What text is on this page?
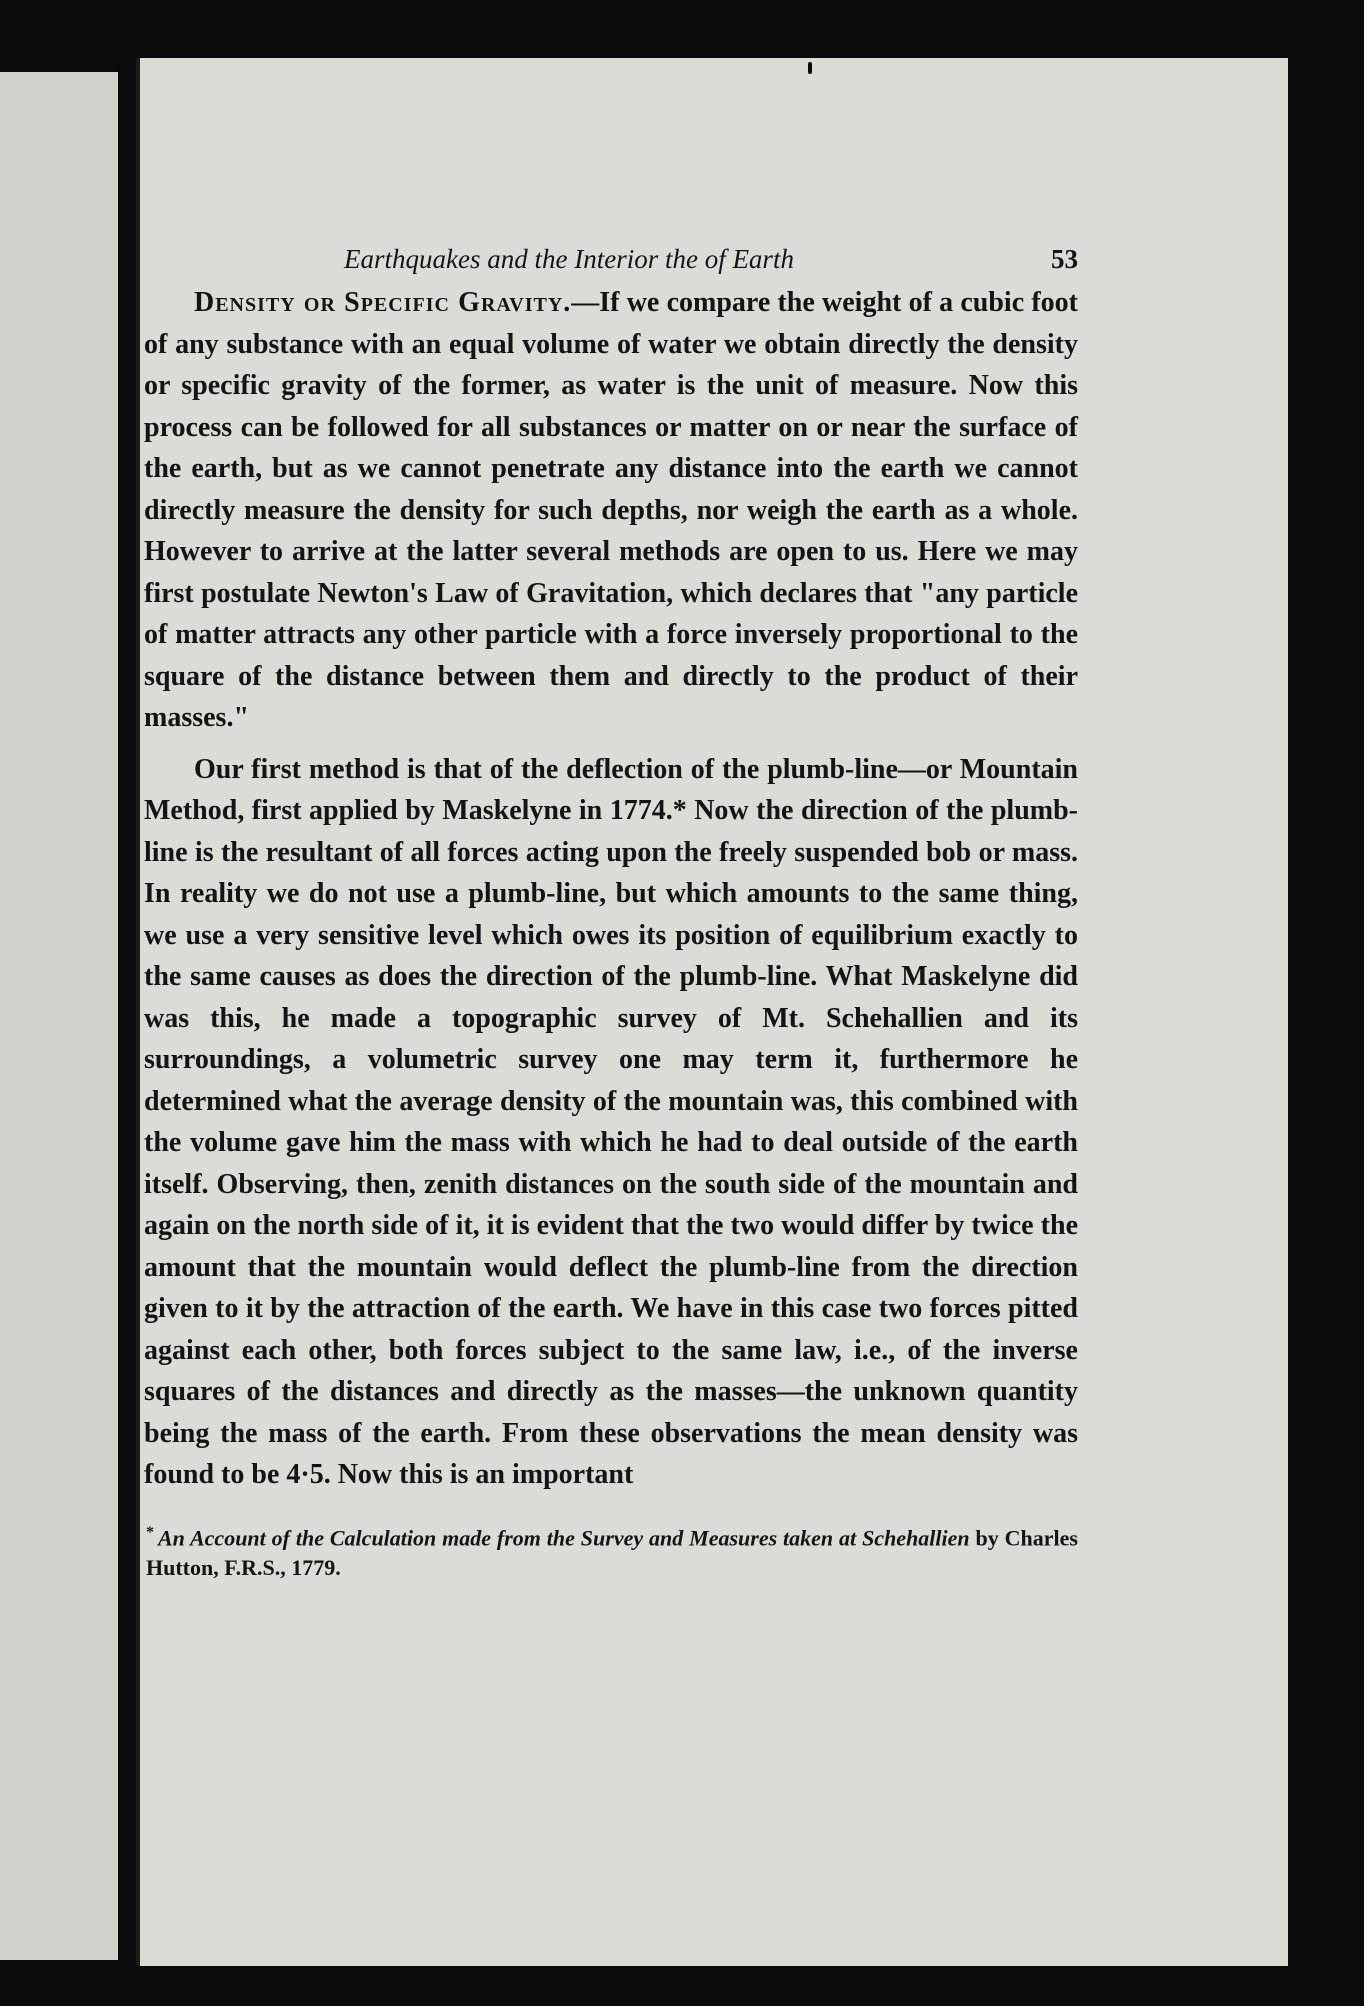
Earthquakes and the Interior the of Earth	53

Density or Specific Gravity.—If we compare the weight of a cubic foot of any substance with an equal volume of water we obtain directly the density or specific gravity of the former, as water is the unit of measure. Now this process can be followed for all substances or matter on or near the surface of the earth, but as we cannot penetrate any distance into the earth we cannot directly measure the density for such depths, nor weigh the earth as a whole. However to arrive at the latter several methods are open to us. Here we may first postulate Newton's Law of Gravitation, which declares that "any particle of matter attracts any other particle with a force inversely proportional to the square of the distance between them and directly to the product of their masses."

Our first method is that of the deflection of the plumb-line—or Mountain Method, first applied by Maskelyne in 1774.* Now the direction of the plumb-line is the resultant of all forces acting upon the freely suspended bob or mass. In reality we do not use a plumb-line, but which amounts to the same thing, we use a very sensitive level which owes its position of equilibrium exactly to the same causes as does the direction of the plumb-line. What Maskelyne did was this, he made a topographic survey of Mt. Schehallien and its surroundings, a volumetric survey one may term it, furthermore he determined what the average density of the mountain was, this combined with the volume gave him the mass with which he had to deal outside of the earth itself. Observing, then, zenith distances on the south side of the mountain and again on the north side of it, it is evident that the two would differ by twice the amount that the mountain would deflect the plumb-line from the direction given to it by the attraction of the earth. We have in this case two forces pitted against each other, both forces subject to the same law, i.e., of the inverse squares of the distances and directly as the masses—the unknown quantity being the mass of the earth. From these observations the mean density was found to be 4·5. Now this is an important

* An Account of the Calculation made from the Survey and Measures taken at Schehallien by Charles Hutton, F.R.S., 1779.
